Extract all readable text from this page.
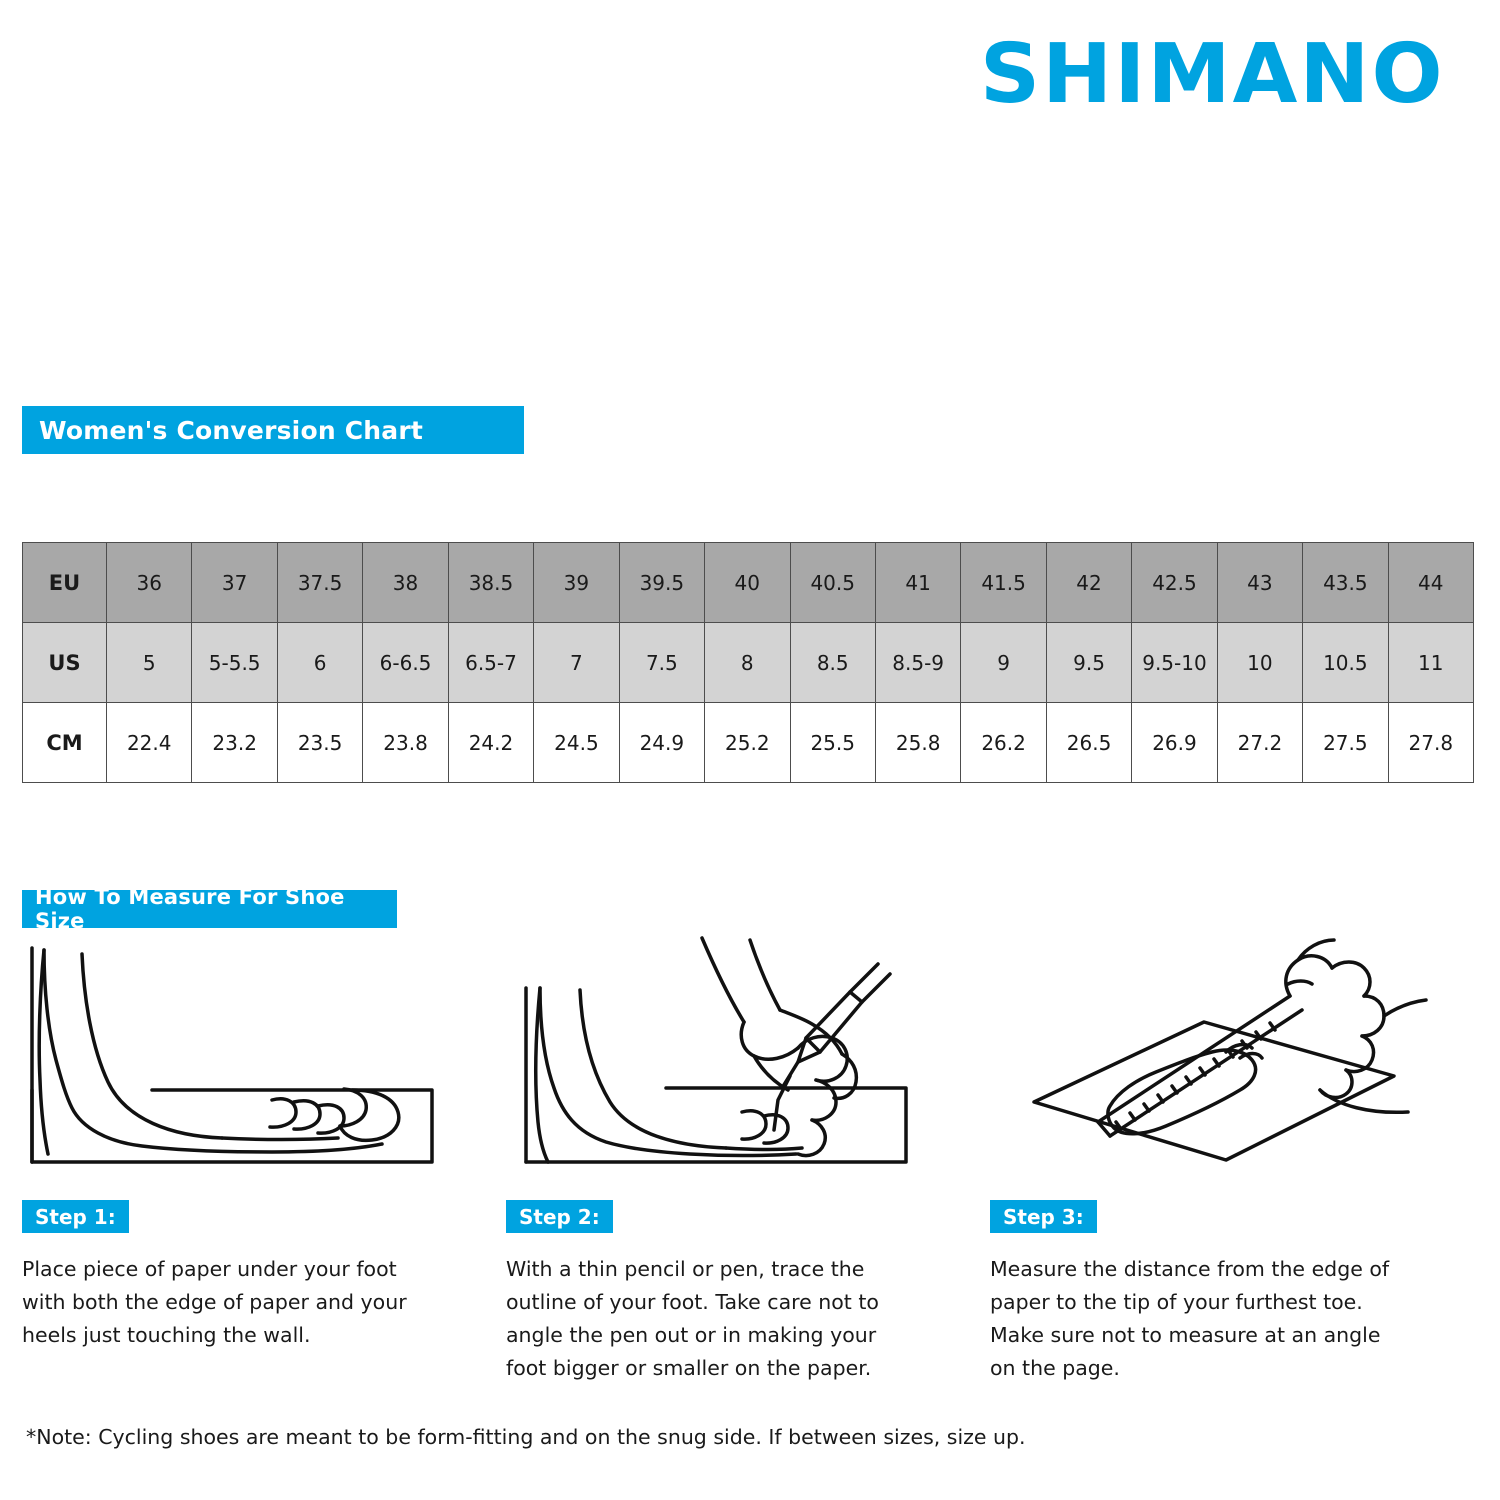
SHIMANO
Women's Conversion Chart
EU	36	37	37.5	38	38.5	39	39.5	40	40.5	41	41.5	42	42.5	43	43.5	44
US	5	5-5.5	6	6-6.5	6.5-7	7	7.5	8	8.5	8.5-9	9	9.5	9.5-10	10	10.5	11
CM	22.4	23.2	23.5	23.8	24.2	24.5	24.9	25.2	25.5	25.8	26.2	26.5	26.9	27.2	27.5	27.8
How To Measure For Shoe Size
Step 1:
Place piece of paper under your foot with both the edge of paper and your heels just touching the wall.
Step 2:
With a thin pencil or pen, trace the outline of your foot. Take care not to angle the pen out or in making your foot bigger or smaller on the paper.
Step 3:
Measure the distance from the edge of paper to the tip of your furthest toe. Make sure not to measure at an angle on the page.
*Note: Cycling shoes are meant to be form-fitting and on the snug side. If between sizes, size up.
